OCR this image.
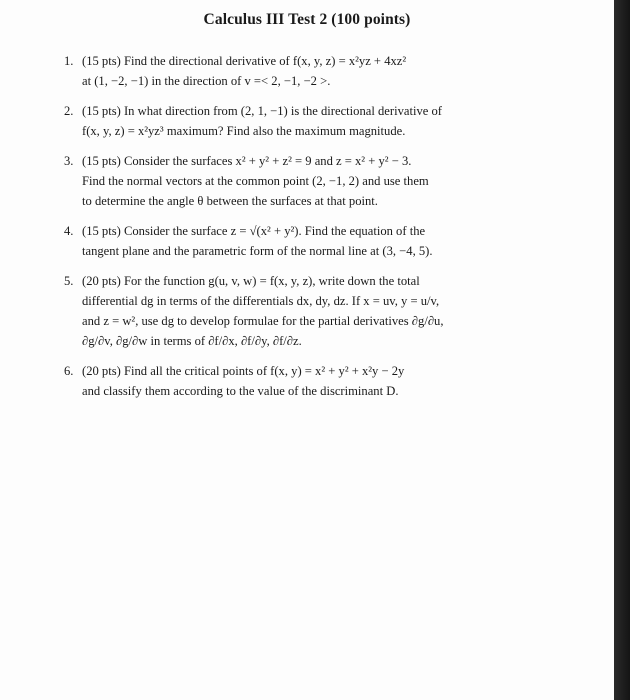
Calculus III Test 2 (100 points)
1. (15 pts) Find the directional derivative of f(x, y, z) = x²yz + 4xz²
at (1, −2, −1) in the direction of v =< 2, −1, −2 >.
2. (15 pts) In what direction from (2, 1, −1) is the directional derivative of
f(x, y, z) = x²yz³ maximum? Find also the maximum magnitude.
3. (15 pts) Consider the surfaces x² + y² + z² = 9 and z = x² + y² − 3.
Find the normal vectors at the common point (2, −1, 2) and use them
to determine the angle θ between the surfaces at that point.
4. (15 pts) Consider the surface z = √(x² + y²). Find the equation of the
tangent plane and the parametric form of the normal line at (3, −4, 5).
5. (20 pts) For the function g(u, v, w) = f(x, y, z), write down the total
differential dg in terms of the differentials dx, dy, dz. If x = uv, y = u/v,
and z = w², use dg to develop formulae for the partial derivatives ∂g/∂u,
∂g/∂v, ∂g/∂w in terms of ∂f/∂x, ∂f/∂y, ∂f/∂z.
6. (20 pts) Find all the critical points of f(x, y) = x² + y² + x²y − 2y
and classify them according to the value of the discriminant D.
